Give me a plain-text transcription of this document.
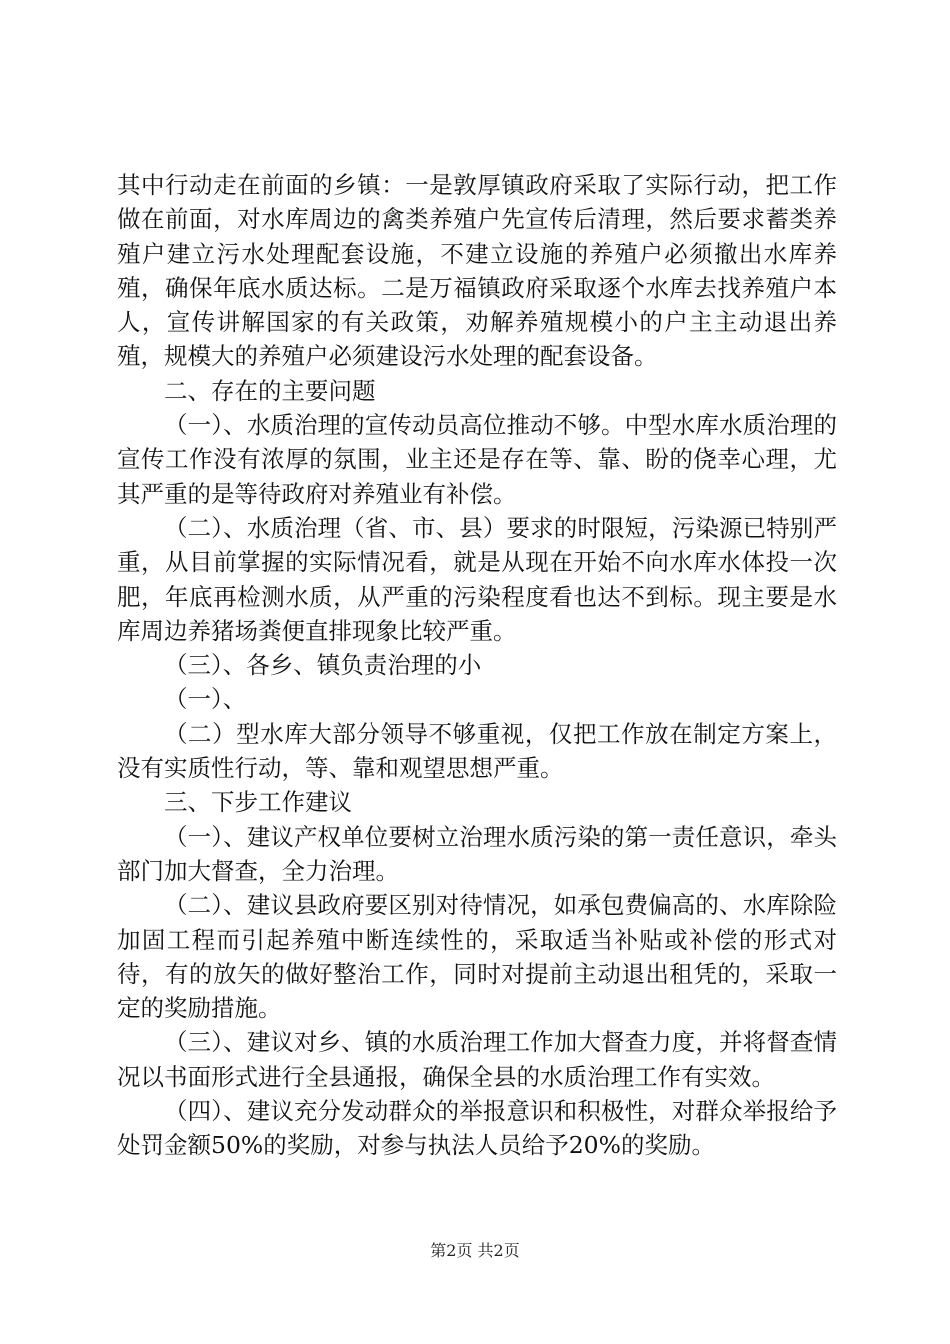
其中行动走在前面的乡镇：一是敦厚镇政府采取了实际行动，把工作做在前面，对水库周边的禽类养殖户先宣传后清理，然后要求蓄类养殖户建立污水处理配套设施，不建立设施的养殖户必须撤出水库养殖，确保年底水质达标。二是万福镇政府采取逐个水库去找养殖户本人，宣传讲解国家的有关政策，劝解养殖规模小的户主主动退出养殖，规模大的养殖户必须建设污水处理的配套设备。

二、存在的主要问题

（一）、水质治理的宣传动员高位推动不够。中型水库水质治理的宣传工作没有浓厚的氛围，业主还是存在等、靠、盼的侥幸心理，尤其严重的是等待政府对养殖业有补偿。

（二）、水质治理（省、市、县）要求的时限短，污染源已特别严重，从目前掌握的实际情况看，就是从现在开始不向水库水体投一次肥，年底再检测水质，从严重的污染程度看也达不到标。现主要是水库周边养猪场粪便直排现象比较严重。

（三）、各乡、镇负责治理的小

（一）、

（二）型水库大部分领导不够重视，仅把工作放在制定方案上，没有实质性行动，等、靠和观望思想严重。

三、下步工作建议

（一）、建议产权单位要树立治理水质污染的第一责任意识，牵头部门加大督查，全力治理。

（二）、建议县政府要区别对待情况，如承包费偏高的、水库除险加固工程而引起养殖中断连续性的，采取适当补贴或补偿的形式对待，有的放矢的做好整治工作，同时对提前主动退出租凭的，采取一定的奖励措施。

（三）、建议对乡、镇的水质治理工作加大督查力度，并将督查情况以书面形式进行全县通报，确保全县的水质治理工作有实效。

（四）、建议充分发动群众的举报意识和积极性，对群众举报给予处罚金额50%的奖励，对参与执法人员给予20%的奖励。

第2页 共2页
